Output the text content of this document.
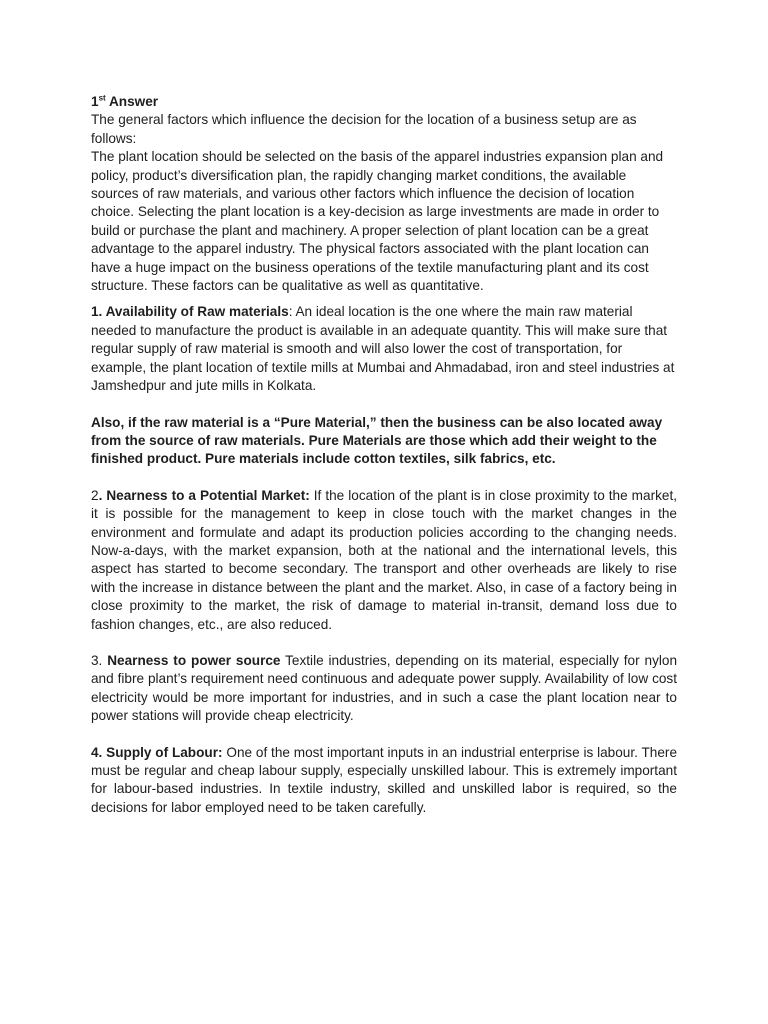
1st Answer

The general factors which influence the decision for the location of a business setup are as follows:

The plant location should be selected on the basis of the apparel industries expansion plan and policy, product’s diversification plan, the rapidly changing market conditions, the available sources of raw materials, and various other factors which influence the decision of location choice. Selecting the plant location is a key-decision as large investments are made in order to build or purchase the plant and machinery. A proper selection of plant location can be a great advantage to the apparel industry. The physical factors associated with the plant location can have a huge impact on the business operations of the textile manufacturing plant and its cost structure. These factors can be qualitative as well as quantitative.

1. Availability of Raw materials: An ideal location is the one where the main raw material needed to manufacture the product is available in an adequate quantity. This will make sure that regular supply of raw material is smooth and will also lower the cost of transportation, for example, the plant location of textile mills at Mumbai and Ahmadabad, iron and steel industries at Jamshedpur and jute mills in Kolkata.

Also, if the raw material is a “Pure Material,” then the business can be also located away from the source of raw materials. Pure Materials are those which add their weight to the finished product. Pure materials include cotton textiles, silk fabrics, etc.

2. Nearness to a Potential Market: If the location of the plant is in close proximity to the market, it is possible for the management to keep in close touch with the market changes in the environment and formulate and adapt its production policies according to the changing needs. Now-a-days, with the market expansion, both at the national and the international levels, this aspect has started to become secondary. The transport and other overheads are likely to rise with the increase in distance between the plant and the market. Also, in case of a factory being in close proximity to the market, the risk of damage to material in-transit, demand loss due to fashion changes, etc., are also reduced.

3. Nearness to power source Textile industries, depending on its material, especially for nylon and fibre plant’s requirement need continuous and adequate power supply. Availability of low cost electricity would be more important for industries, and in such a case the plant location near to power stations will provide cheap electricity.

4. Supply of Labour: One of the most important inputs in an industrial enterprise is labour. There must be regular and cheap labour supply, especially unskilled labour. This is extremely important for labour-based industries. In textile industry, skilled and unskilled labor is required, so the decisions for labor employed need to be taken carefully.
